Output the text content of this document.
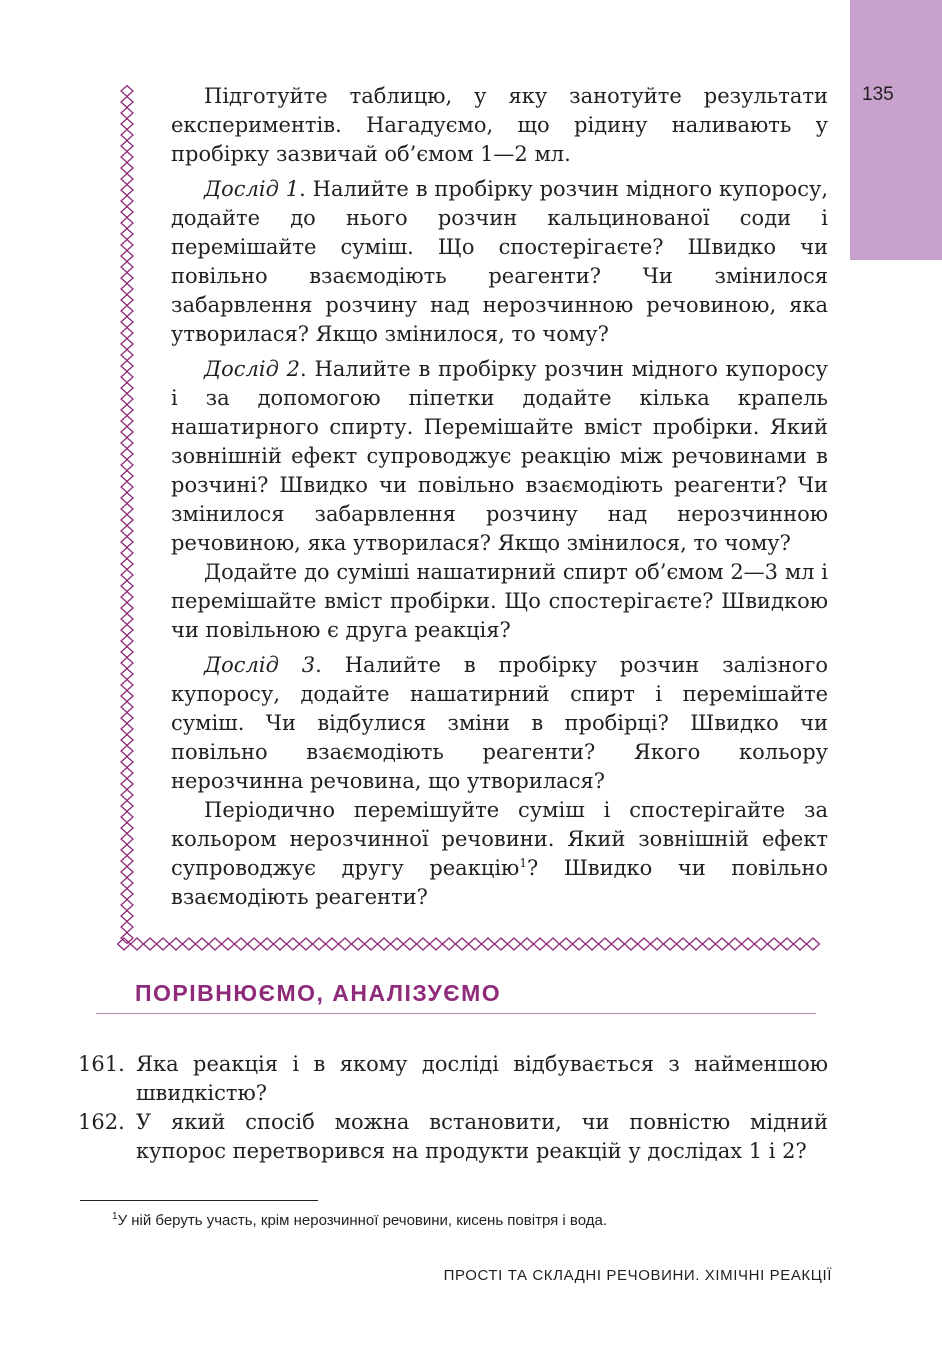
135

Підготуйте таблицю, у яку занотуйте результати експериментів. Нагадуємо, що рідину наливають у пробірку зазвичай об’ємом 1—2 мл.

Дослід 1. Налийте в пробірку розчин мідного купоросу, додайте до нього розчин кальцинованої соди і перемішайте суміш. Що спостерігаєте? Швидко чи повільно взаємодіють реагенти? Чи змінилося забарвлення розчину над нерозчинною речовиною, яка утворилася? Якщо змінилося, то чому?

Дослід 2. Налийте в пробірку розчин мідного купоросу і за допомогою піпетки додайте кілька крапель нашатирного спирту. Перемішайте вміст пробірки. Який зовнішній ефект супроводжує реакцію між речовинами в розчині? Швидко чи повільно взаємодіють реагенти? Чи змінилося забарвлення розчину над нерозчинною речовиною, яка утворилася? Якщо змінилося, то чому?

Додайте до суміші нашатирний спирт об’ємом 2—3 мл і перемішайте вміст пробірки. Що спостерігаєте? Швидкою чи повільною є друга реакція?

Дослід 3. Налийте в пробірку розчин залізного купоросу, додайте нашатирний спирт і перемішайте суміш. Чи відбулися зміни в пробірці? Швидко чи повільно взаємодіють реагенти? Якого кольору нерозчинна речовина, що утворилася?

Періодично перемішуйте суміш і спостерігайте за кольором нерозчинної речовини. Який зовнішній ефект супроводжує другу реакцію$^1$? Швидко чи повільно взаємодіють реагенти?

ПОРІВНЮЄМО, АНАЛІЗУЄМО
161. Яка реакція і в якому досліді відбувається з найменшою швидкістю?
162. У який спосіб можна встановити, чи повністю мідний купорос перетворився на продукти реакцій у дослідах 1 і 2?
$^1$У ній беруть участь, крім нерозчинної речовини, кисень повітря і вода.
ПРОСТІ ТА СКЛАДНІ РЕЧОВИНИ. ХІМІЧНІ РЕАКЦІЇ
